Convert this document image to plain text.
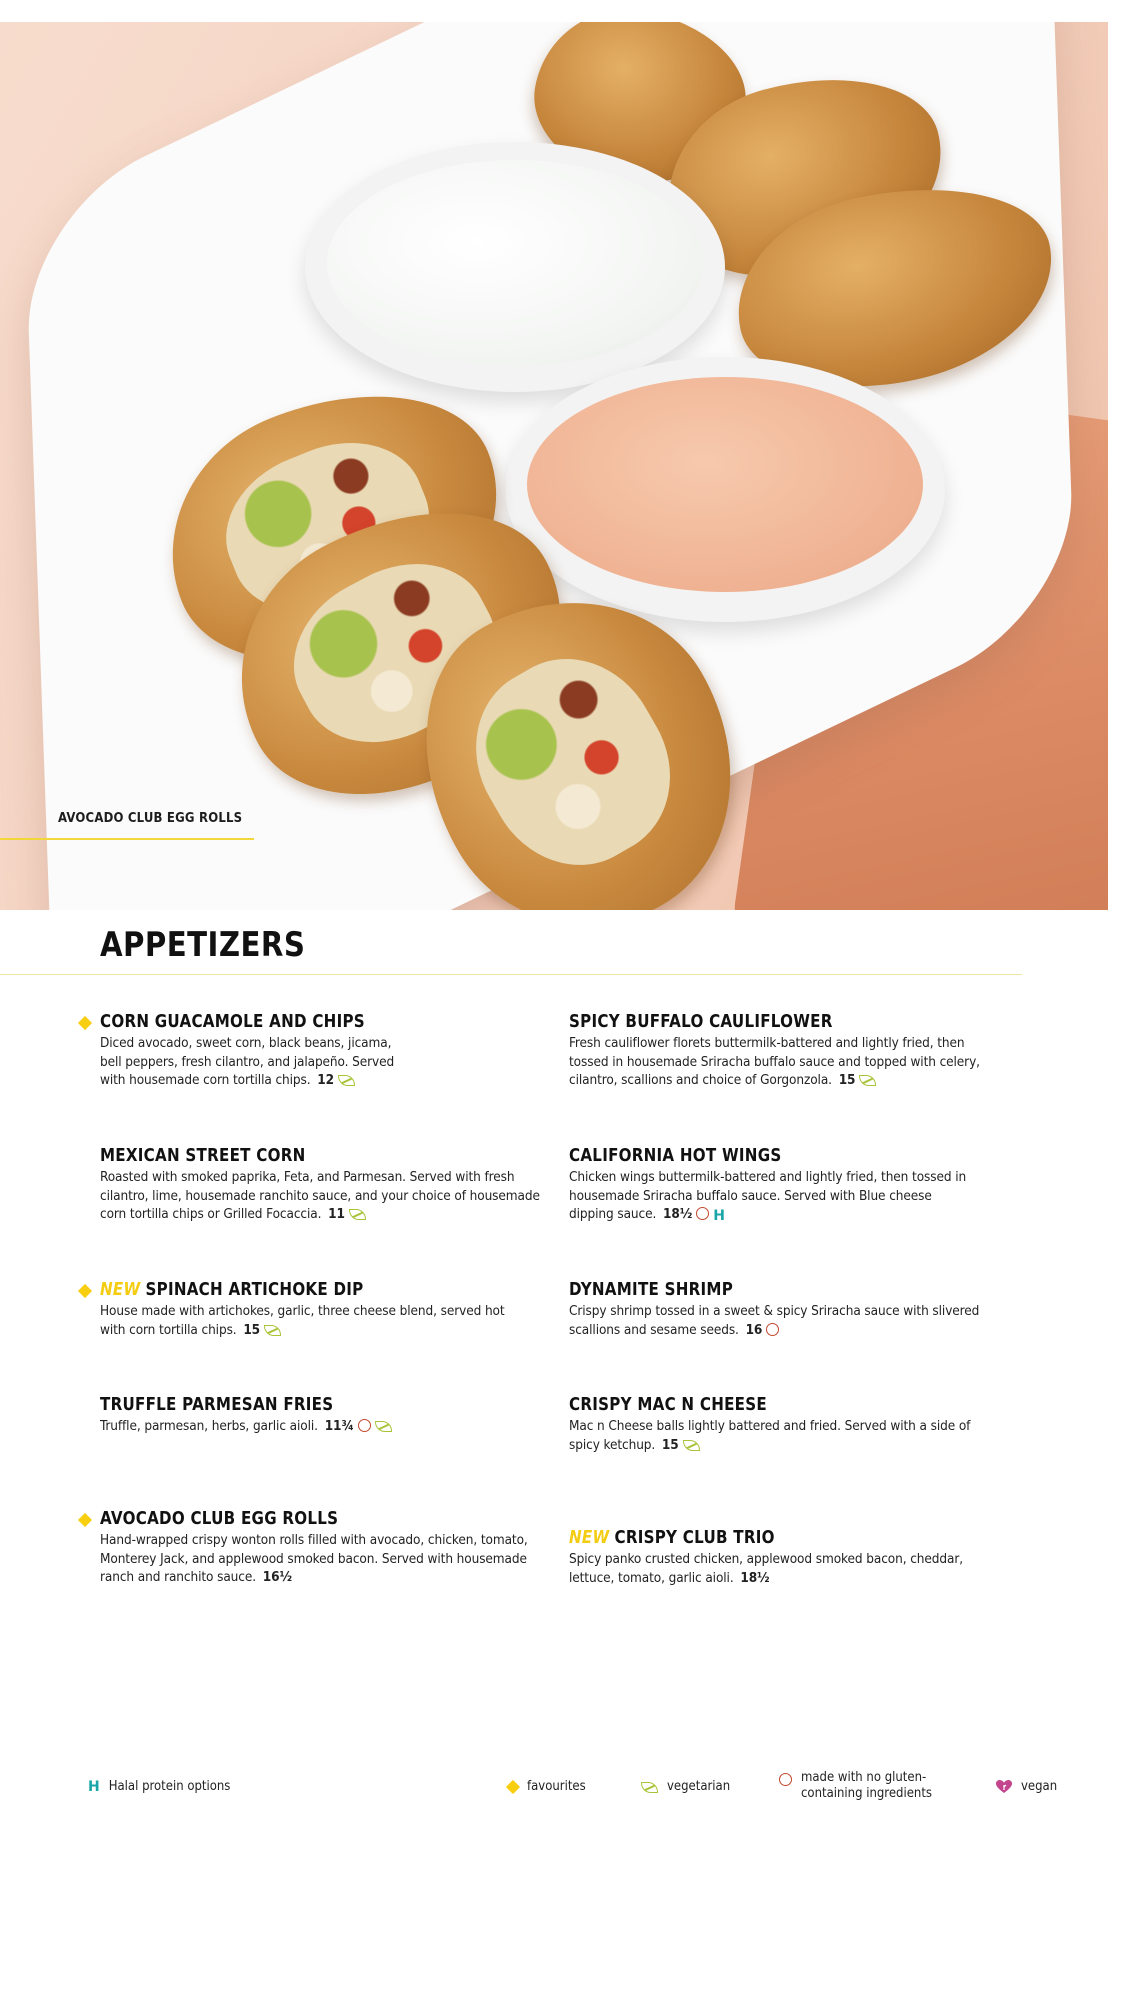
AVOCADO CLUB EGG ROLLS
APPETIZERS
CORN GUACAMOLE AND CHIPS
Diced avocado, sweet corn, black beans, jicama, bell peppers, fresh cilantro, and jalapeño. Served with housemade corn tortilla chips. 12
SPICY BUFFALO CAULIFLOWER
Fresh cauliflower florets buttermilk-battered and lightly fried, then tossed in housemade Sriracha buffalo sauce and topped with celery, cilantro, scallions and choice of Gorgonzola. 15
MEXICAN STREET CORN
Roasted with smoked paprika, Feta, and Parmesan. Served with fresh cilantro, lime, housemade ranchito sauce, and your choice of housemade corn tortilla chips or Grilled Focaccia. 11
CALIFORNIA HOT WINGS
Chicken wings buttermilk-battered and lightly fried, then tossed in housemade Sriracha buffalo sauce. Served with Blue cheese dipping sauce. 18½ H
NEW SPINACH ARTICHOKE DIP
House made with artichokes, garlic, three cheese blend, served hot with corn tortilla chips. 15
DYNAMITE SHRIMP
Crispy shrimp tossed in a sweet & spicy Sriracha sauce with slivered scallions and sesame seeds. 16
TRUFFLE PARMESAN FRIES
Truffle, parmesan, herbs, garlic aioli. 11¾
CRISPY MAC N CHEESE
Mac n Cheese balls lightly battered and fried. Served with a side of spicy ketchup. 15
AVOCADO CLUB EGG ROLLS
Hand-wrapped crispy wonton rolls filled with avocado, chicken, tomato, Monterey Jack, and applewood smoked bacon. Served with housemade ranch and ranchito sauce. 16½
NEW CRISPY CLUB TRIO
Spicy panko crusted chicken, applewood smoked bacon, cheddar, lettuce, tomato, garlic aioli. 18½
H Halal protein options	favourites	vegetarian
made with no gluten-
containing ingredients	vegan
